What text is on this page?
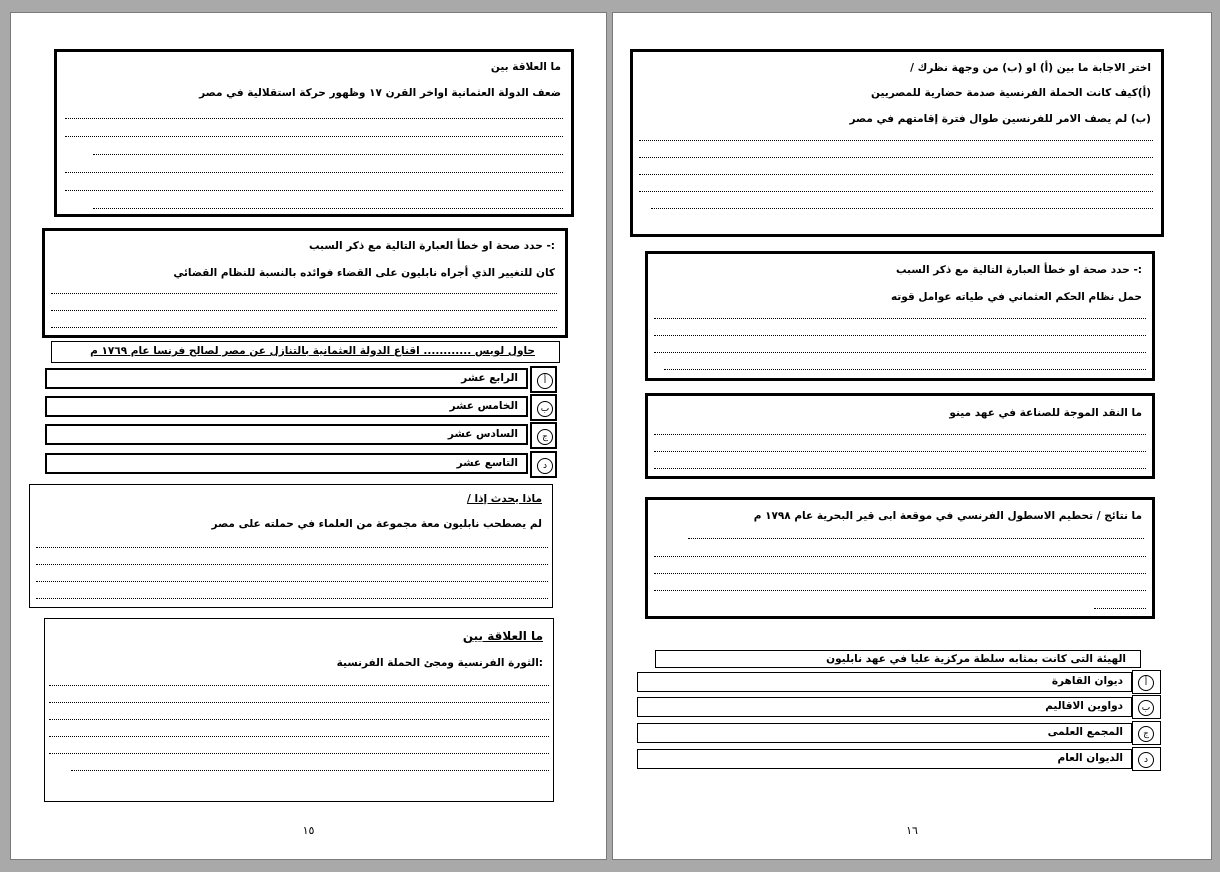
ما العلاقة بين
ضعف الدولة العثمانية اواخر القرن ١٧ وظهور حركة استقلالية في مصر
:- حدد صحة او خطأ العبارة التالية مع ذكر السبب
كان للتغيير الذي أجراه نابليون على القضاء فوائده بالنسبة للنظام القضائي
حاول لويس ............ اقناع الدولة العثمانية بالتنازل عن مصر لصالح فرنسا عام ١٧٦٩ م
أ
الرابع عشر
ب
الخامس عشر
ج
السادس عشر
د
التاسع عشر
ماذا يحدث إذا /
لم يصطحب نابليون معة مجموعة من العلماء في حملته على مصر
ما العلاقة بين
:الثورة الفرنسية ومجئ الحملة الفرنسية
١٥
اختر الاجابة ما بين (أ) او (ب) من وجهة نظرك /
(أ)كيف كانت الحملة الفرنسية صدمة حضارية للمصريين
(ب) لم يصف الامر للفرنسين طوال فترة إقامتهم في مصر
:- حدد صحة او خطأ العبارة التالية مع ذكر السبب
حمل نظام الحكم العثماني في طياته عوامل قوته
ما النقد الموجة للصناعة في عهد مينو
ما نتائج / تحطيم الاسطول الفرنسي في موقعة ابى قير البحرية عام ١٧٩٨ م
الهيئة التى كانت بمثابه سلطة مركزية عليا في عهد نابليون
أ
ديوان القاهرة
ب
دواوين الاقاليم
ج
المجمع العلمى
د
الديوان العام
١٦
